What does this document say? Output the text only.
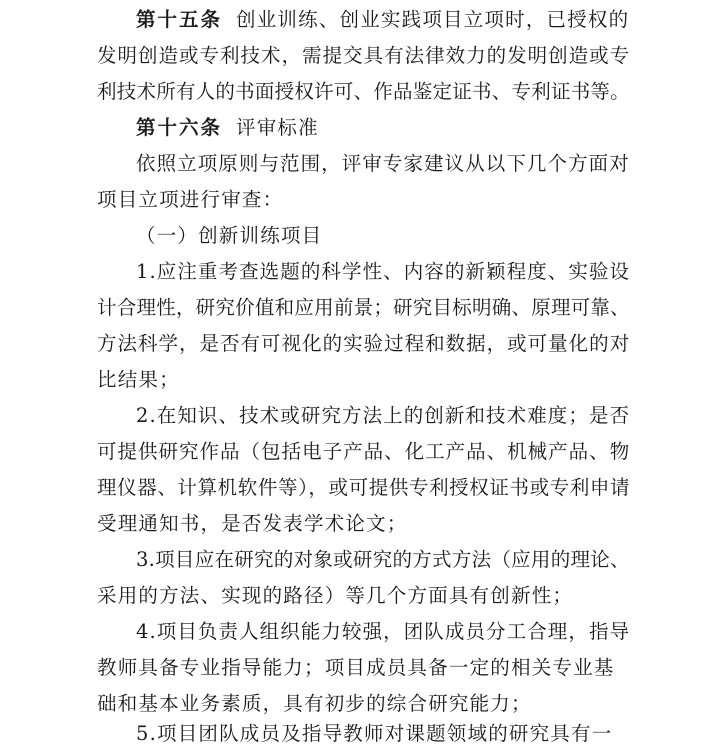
第十五条 创业训练、创业实践项目立项时，已授权的
发明创造或专利技术，需提交具有法律效力的发明创造或专
利技术所有人的书面授权许可、作品鉴定证书、专利证书等。
第十六条 评审标准
依照立项原则与范围，评审专家建议从以下几个方面对
项目立项进行审查：
（一）创新训练项目
1.应注重考查选题的科学性、内容的新颖程度、实验设
计合理性，研究价值和应用前景；研究目标明确、原理可靠、
方法科学，是否有可视化的实验过程和数据，或可量化的对
比结果；
2.在知识、技术或研究方法上的创新和技术难度；是否
可提供研究作品（包括电子产品、化工产品、机械产品、物
理仪器、计算机软件等），或可提供专利授权证书或专利申请
受理通知书，是否发表学术论文；
3.项目应在研究的对象或研究的方式方法（应用的理论、
采用的方法、实现的路径）等几个方面具有创新性；
4.项目负责人组织能力较强，团队成员分工合理，指导
教师具备专业指导能力；项目成员具备一定的相关专业基
础和基本业务素质，具有初步的综合研究能力；
5.项目团队成员及指导教师对课题领域的研究具有一
